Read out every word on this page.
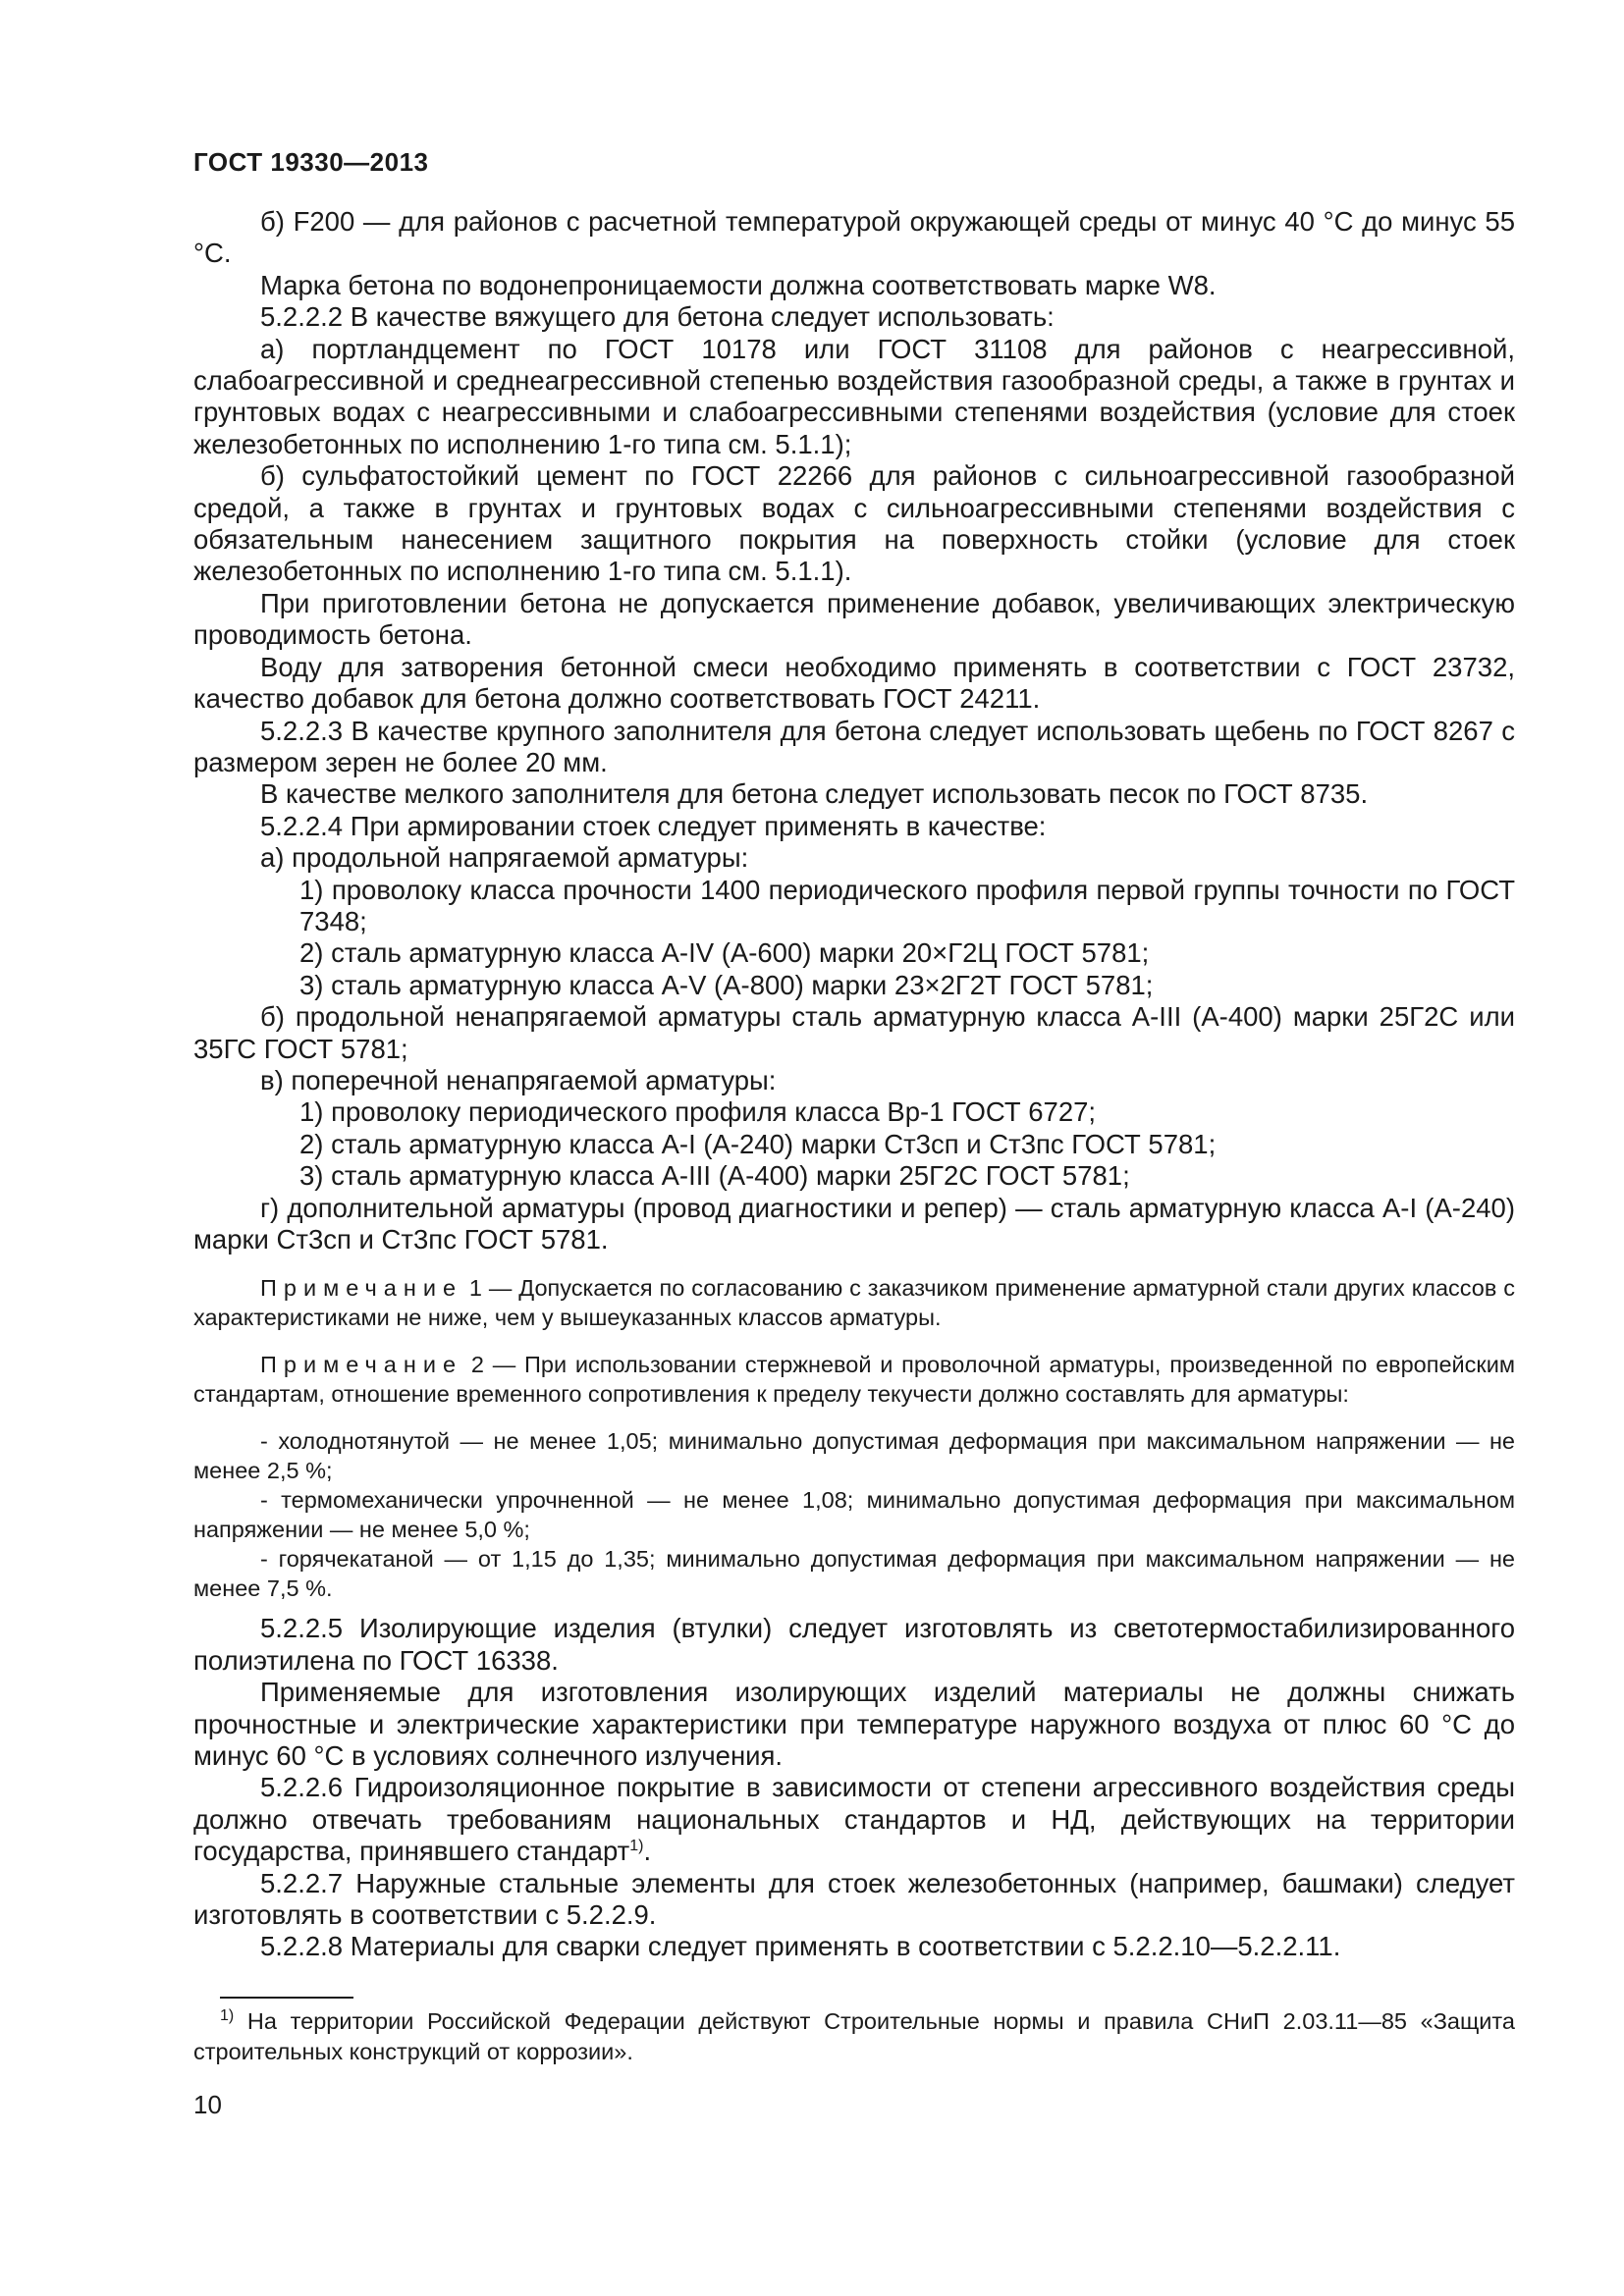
ГОСТ 19330—2013

б) F200 — для районов с расчетной температурой окружающей среды от минус 40 °С до минус 55 °С.

Марка бетона по водонепроницаемости должна соответствовать марке W8.

5.2.2.2 В качестве вяжущего для бетона следует использовать:

а) портландцемент по ГОСТ 10178 или ГОСТ 31108 для районов с неагрессивной, слабоагрессивной и среднеагрессивной степенью воздействия газообразной среды, а также в грунтах и грунтовых водах с неагрессивными и слабоагрессивными степенями воздействия (условие для стоек железобетонных по исполнению 1-го типа см. 5.1.1);

б) сульфатостойкий цемент по ГОСТ 22266 для районов с сильноагрессивной газообразной средой, а также в грунтах и грунтовых водах с сильноагрессивными степенями воздействия с обязательным нанесением защитного покрытия на поверхность стойки (условие для стоек железобетонных по исполнению 1-го типа см. 5.1.1).

При приготовлении бетона не допускается применение добавок, увеличивающих электрическую проводимость бетона.

Воду для затворения бетонной смеси необходимо применять в соответствии с ГОСТ 23732, качество добавок для бетона должно соответствовать ГОСТ 24211.

5.2.2.3 В качестве крупного заполнителя для бетона следует использовать щебень по ГОСТ 8267 с размером зерен не более 20 мм.

В качестве мелкого заполнителя для бетона следует использовать песок по ГОСТ 8735.

5.2.2.4 При армировании стоек следует применять в качестве:

а) продольной напрягаемой арматуры:

1) проволоку класса прочности 1400 периодического профиля первой группы точности по ГОСТ 7348;

2) сталь арматурную класса А-IV (А-600) марки 20×Г2Ц ГОСТ 5781;

3) сталь арматурную класса А-V (А-800) марки 23×2Г2Т ГОСТ 5781;

б) продольной ненапрягаемой арматуры сталь арматурную класса А-III (А-400) марки 25Г2С или 35ГС ГОСТ 5781;

в) поперечной ненапрягаемой арматуры:

1) проволоку периодического профиля класса Вр-1 ГОСТ 6727;

2) сталь арматурную класса А-I (А-240) марки Ст3сп и Ст3пс ГОСТ 5781;

3) сталь арматурную класса А-III (А-400) марки 25Г2С ГОСТ 5781;

г) дополнительной арматуры (провод диагностики и репер) — сталь арматурную класса А-I (А-240) марки Ст3сп и Ст3пс ГОСТ 5781.

Примечание 1 — Допускается по согласованию с заказчиком применение арматурной стали других классов с характеристиками не ниже, чем у вышеуказанных классов арматуры.

Примечание 2 — При использовании стержневой и проволочной арматуры, произведенной по европейским стандартам, отношение временного сопротивления к пределу текучести должно составлять для арматуры:

- холоднотянутой — не менее 1,05; минимально допустимая деформация при максимальном напряжении — не менее 2,5 %;

- термомеханически упрочненной — не менее 1,08; минимально допустимая деформация при максимальном напряжении — не менее 5,0 %;

- горячекатаной — от 1,15 до 1,35; минимально допустимая деформация при максимальном напряжении — не менее 7,5 %.

5.2.2.5 Изолирующие изделия (втулки) следует изготовлять из светотермостабилизированного полиэтилена по ГОСТ 16338.

Применяемые для изготовления изолирующих изделий материалы не должны снижать прочностные и электрические характеристики при температуре наружного воздуха от плюс 60 °С до минус 60 °С в условиях солнечного излучения.

5.2.2.6 Гидроизоляционное покрытие в зависимости от степени агрессивного воздействия среды должно отвечать требованиям национальных стандартов и НД, действующих на территории государства, принявшего стандарт$^{1)}$.

5.2.2.7 Наружные стальные элементы для стоек железобетонных (например, башмаки) следует изготовлять в соответствии с 5.2.2.9.

5.2.2.8 Материалы для сварки следует применять в соответствии с 5.2.2.10—5.2.2.11.

$^{1)}$ На территории Российской Федерации действуют Строительные нормы и правила СНиП 2.03.11—85 «Защита строительных конструкций от коррозии».

10
